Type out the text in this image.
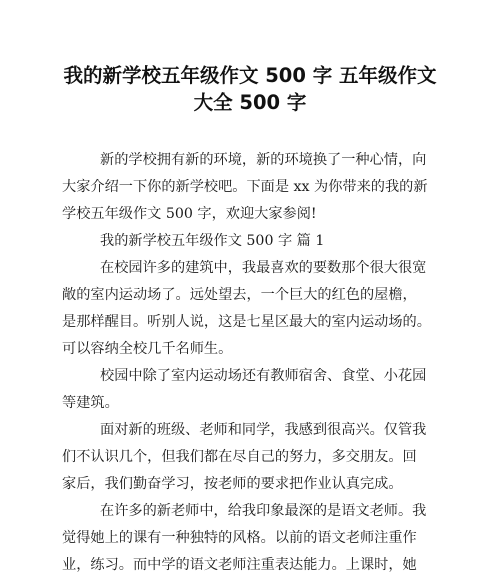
我的新学校五年级作文 500 字 五年级作文
大全 500 字
新的学校拥有新的环境，新的环境换了一种心情，向
大家介绍一下你的新学校吧。下面是 xx 为你带来的我的新
学校五年级作文 500 字，欢迎大家参阅!
我的新学校五年级作文 500 字 篇 1
在校园许多的建筑中，我最喜欢的要数那个很大很宽
敞的室内运动场了。远处望去，一个巨大的红色的屋檐，
是那样醒目。听别人说，这是七星区最大的室内运动场的。
可以容纳全校几千名师生。
校园中除了室内运动场还有教师宿舍、食堂、小花园
等建筑。
面对新的班级、老师和同学，我感到很高兴。仅管我
们不认识几个，但我们都在尽自己的努力，多交朋友。回
家后，我们勤奋学习，按老师的要求把作业认真完成。
在许多的新老师中，给我印象最深的是语文老师。我
觉得她上的课有一种独特的风格。以前的语文老师注重作
业，练习。而中学的语文老师注重表达能力。上课时，她
